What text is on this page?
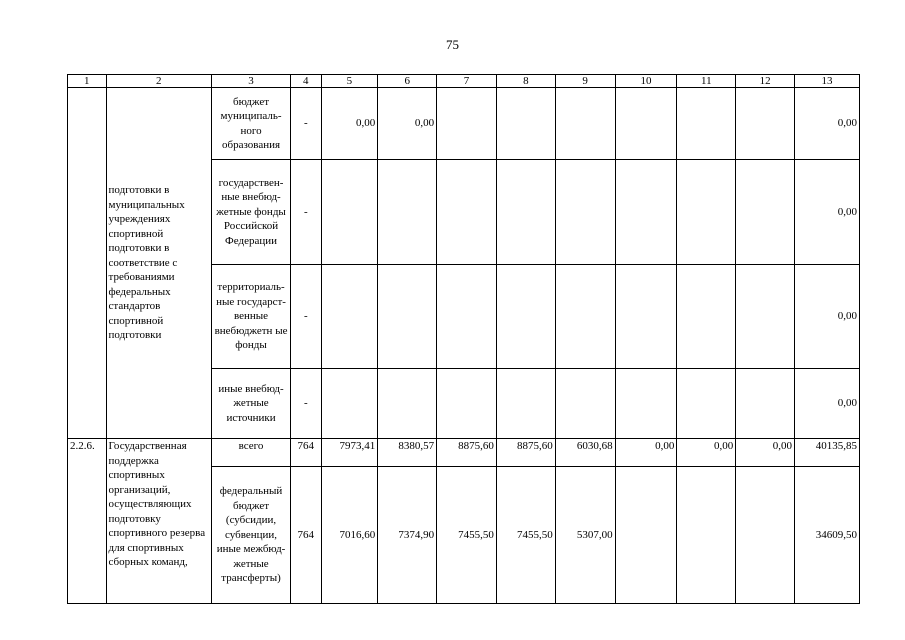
75
1	2	3	4	5	6	7	8	9	10	11	12	13
	подготовки в муниципальных учреждениях спортивной подготовки в соответствие с требованиями федеральных стандартов спортивной подготовки	бюджет муниципаль-ного образования	-	0,00	0,00							0,00
		государствен-ные внебюд-жетные фонды Российской Федерации	-									0,00
		территориаль-ные государст-венные внебюджетн ые фонды	-									0,00
		иные внебюд-жетные источники	-									0,00
2.2.6.	Государственная поддержка спортивных организаций, осуществляющих подготовку спортивного резерва для спортивных сборных команд,	всего	764	7973,41	8380,57	8875,60	8875,60	6030,68	0,00	0,00	0,00	40135,85
		федеральный бюджет (субсидии, субвенции, иные межбюд-жетные трансферты)	764	7016,60	7374,90	7455,50	7455,50	5307,00				34609,50
